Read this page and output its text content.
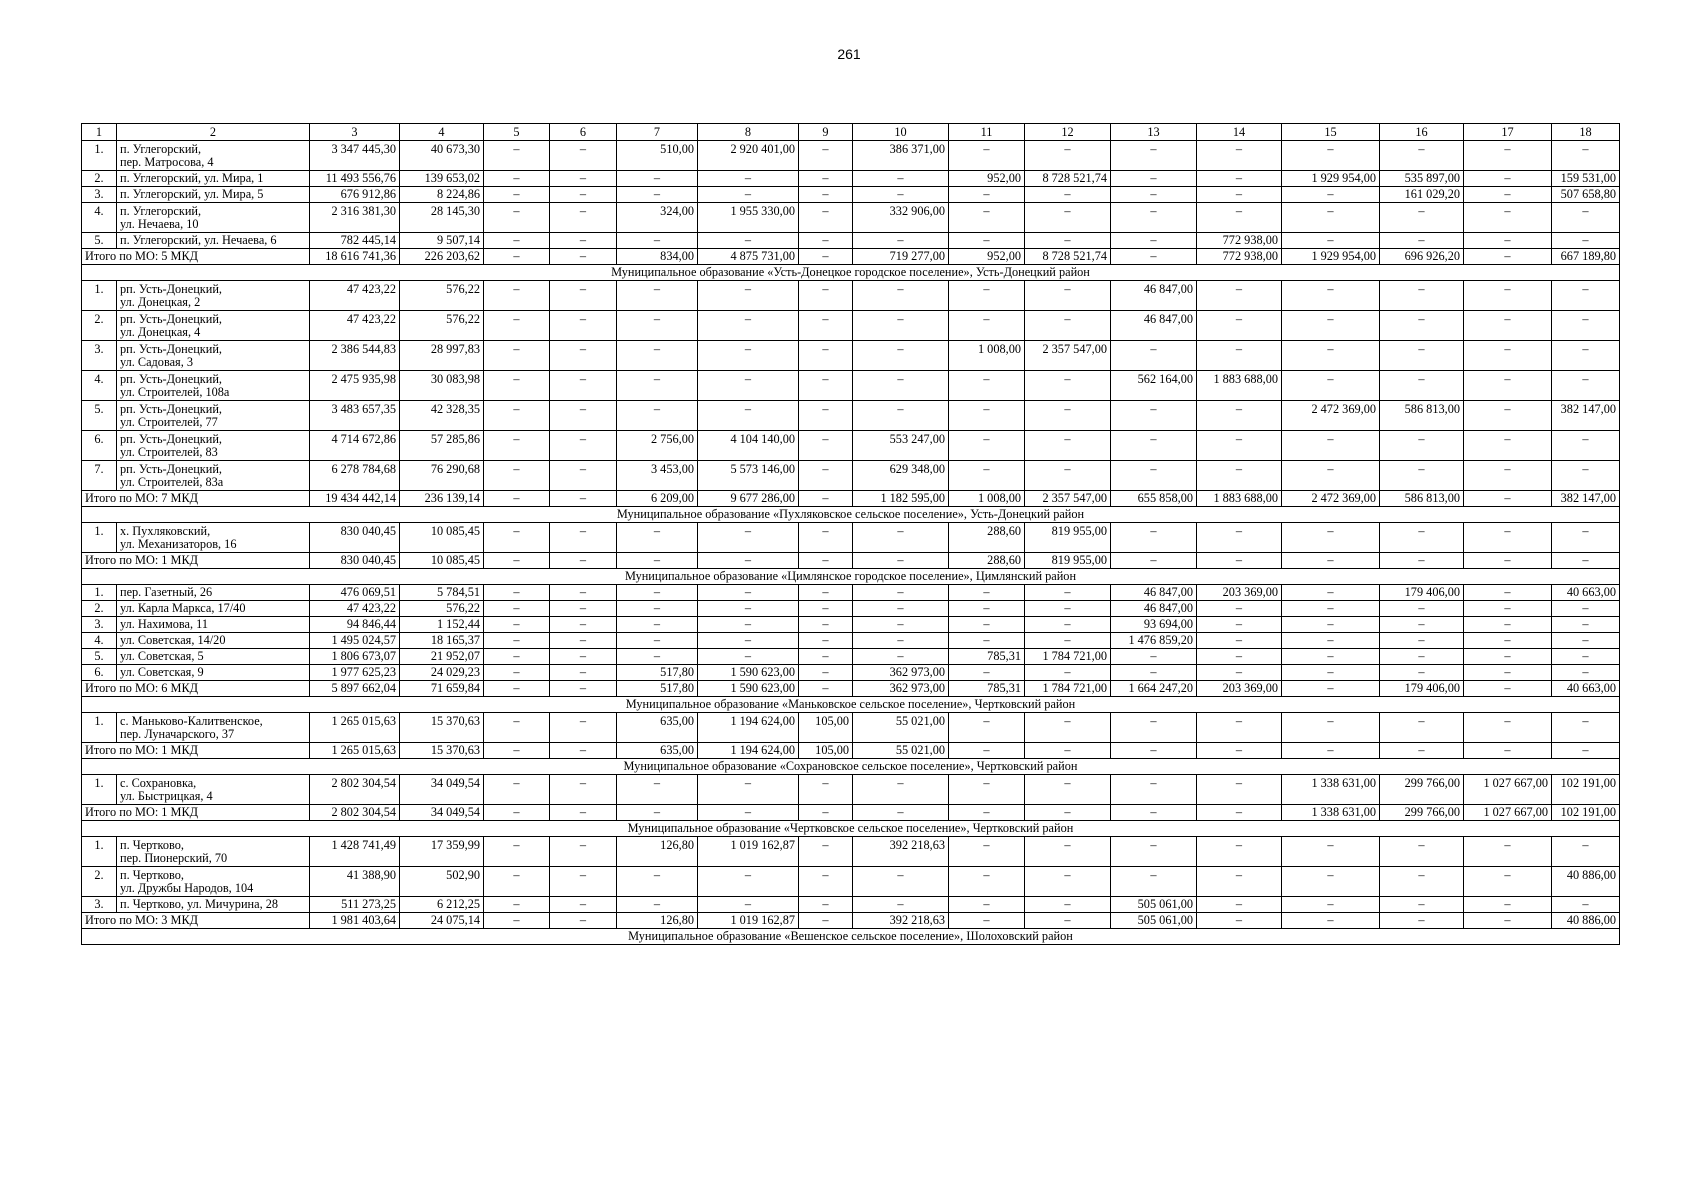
261
1	2	3	4	5	6	7	8	9	10	11	12	13	14	15	16	17	18
1.	п. Углегорский,
пер. Матросова, 4	3 347 445,30	40 673,30	–	–	510,00	2 920 401,00	–	386 371,00	–	–	–	–	–	–	–	–
2.	п. Углегорский, ул. Мира, 1	11 493 556,76	139 653,02	–	–	–	–	–	–	952,00	8 728 521,74	–	–	1 929 954,00	535 897,00	–	159 531,00
3.	п. Углегорский, ул. Мира, 5	676 912,86	8 224,86	–	–	–	–	–	–	–	–	–	–	–	161 029,20	–	507 658,80
4.	п. Углегорский,
ул. Нечаева, 10	2 316 381,30	28 145,30	–	–	324,00	1 955 330,00	–	332 906,00	–	–	–	–	–	–	–	–
5.	п. Углегорский, ул. Нечаева, 6	782 445,14	9 507,14	–	–	–	–	–	–	–	–	–	772 938,00	–	–	–	–
Итого по МО: 5 МКД		18 616 741,36	226 203,62	–	–	834,00	4 875 731,00	–	719 277,00	952,00	8 728 521,74	–	772 938,00	1 929 954,00	696 926,20	–	667 189,80
Муниципальное образование «Усть-Донецкое городское поселение», Усть-Донецкий район																	
1.	рп. Усть-Донецкий,
ул. Донецкая, 2	47 423,22	576,22	–	–	–	–	–	–	–	–	46 847,00	–	–	–	–	–
2.	рп. Усть-Донецкий,
ул. Донецкая, 4	47 423,22	576,22	–	–	–	–	–	–	–	–	46 847,00	–	–	–	–	–
3.	рп. Усть-Донецкий,
ул. Садовая, 3	2 386 544,83	28 997,83	–	–	–	–	–	–	1 008,00	2 357 547,00	–	–	–	–	–	–
4.	рп. Усть-Донецкий,
ул. Строителей, 108а	2 475 935,98	30 083,98	–	–	–	–	–	–	–	–	562 164,00	1 883 688,00	–	–	–	–
5.	рп. Усть-Донецкий,
ул. Строителей, 77	3 483 657,35	42 328,35	–	–	–	–	–	–	–	–	–	–	2 472 369,00	586 813,00	–	382 147,00
6.	рп. Усть-Донецкий,
ул. Строителей, 83	4 714 672,86	57 285,86	–	–	2 756,00	4 104 140,00	–	553 247,00	–	–	–	–	–	–	–	–
7.	рп. Усть-Донецкий,
ул. Строителей, 83а	6 278 784,68	76 290,68	–	–	3 453,00	5 573 146,00	–	629 348,00	–	–	–	–	–	–	–	–
Итого по МО: 7 МКД		19 434 442,14	236 139,14	–	–	6 209,00	9 677 286,00	–	1 182 595,00	1 008,00	2 357 547,00	655 858,00	1 883 688,00	2 472 369,00	586 813,00	–	382 147,00
Муниципальное образование «Пухляковское сельское поселение», Усть-Донецкий район																	
1.	х. Пухляковский,
ул. Механизаторов, 16	830 040,45	10 085,45	–	–	–	–	–	–	288,60	819 955,00	–	–	–	–	–	–
Итого по МО: 1 МКД		830 040,45	10 085,45	–	–	–	–	–	–	288,60	819 955,00	–	–	–	–	–	–
Муниципальное образование «Цимлянское городское поселение», Цимлянский район																	
1.	пер. Газетный, 26	476 069,51	5 784,51	–	–	–	–	–	–	–	–	46 847,00	203 369,00	–	179 406,00	–	40 663,00
2.	ул. Карла Маркса, 17/40	47 423,22	576,22	–	–	–	–	–	–	–	–	46 847,00	–	–	–	–	–
3.	ул. Нахимова, 11	94 846,44	1 152,44	–	–	–	–	–	–	–	–	93 694,00	–	–	–	–	–
4.	ул. Советская, 14/20	1 495 024,57	18 165,37	–	–	–	–	–	–	–	–	1 476 859,20	–	–	–	–	–
5.	ул. Советская, 5	1 806 673,07	21 952,07	–	–	–	–	–	–	785,31	1 784 721,00	–	–	–	–	–	–
6.	ул. Советская, 9	1 977 625,23	24 029,23	–	–	517,80	1 590 623,00	–	362 973,00	–	–	–	–	–	–	–	–
Итого по МО: 6 МКД		5 897 662,04	71 659,84	–	–	517,80	1 590 623,00	–	362 973,00	785,31	1 784 721,00	1 664 247,20	203 369,00	–	179 406,00	–	40 663,00
Муниципальное образование «Маньковское сельское поселение», Чертковский район																	
1.	с. Маньково-Калитвенское,
пер. Луначарского, 37	1 265 015,63	15 370,63	–	–	635,00	1 194 624,00	105,00	55 021,00	–	–	–	–	–	–	–	–
Итого по МО: 1 МКД		1 265 015,63	15 370,63	–	–	635,00	1 194 624,00	105,00	55 021,00	–	–	–	–	–	–	–	–
Муниципальное образование «Сохрановское сельское поселение», Чертковский район																	
1.	с. Сохрановка,
ул. Быстрицкая, 4	2 802 304,54	34 049,54	–	–	–	–	–	–	–	–	–	–	1 338 631,00	299 766,00	1 027 667,00	102 191,00
Итого по МО: 1 МКД		2 802 304,54	34 049,54	–	–	–	–	–	–	–	–	–	–	1 338 631,00	299 766,00	1 027 667,00	102 191,00
Муниципальное образование «Чертковское сельское поселение», Чертковский район																	
1.	п. Чертково,
пер. Пионерский, 70	1 428 741,49	17 359,99	–	–	126,80	1 019 162,87	–	392 218,63	–	–	–	–	–	–	–	–
2.	п. Чертково,
ул. Дружбы Народов, 104	41 388,90	502,90	–	–	–	–	–	–	–	–	–	–	–	–	–	40 886,00
3.	п. Чертково, ул. Мичурина, 28	511 273,25	6 212,25	–	–	–	–	–	–	–	–	505 061,00	–	–	–	–	–
Итого по МО: 3 МКД		1 981 403,64	24 075,14	–	–	126,80	1 019 162,87	–	392 218,63	–	–	505 061,00	–	–	–	–	40 886,00
Муниципальное образование «Вешенское сельское поселение», Шолоховский район																	
